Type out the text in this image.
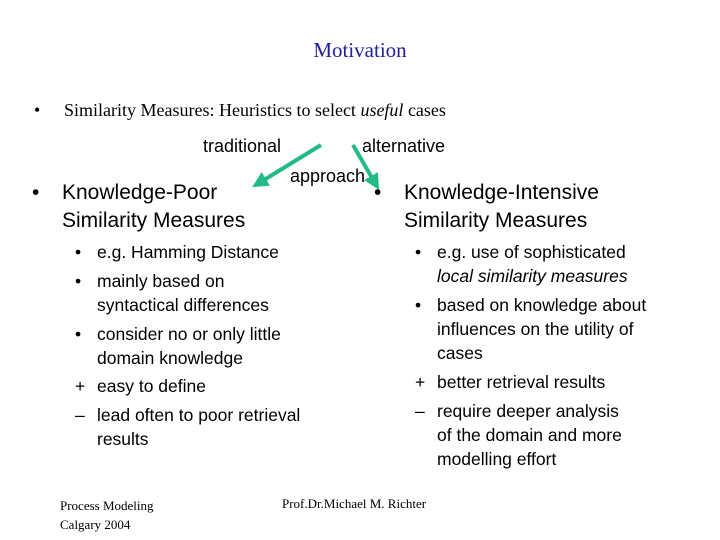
Motivation
• Similarity Measures: Heuristics to select useful cases
traditional	alternative
approach
• Knowledge-Poor
Similarity Measures
• Knowledge-Intensive
Similarity Measures
• e.g. Hamming Distance
• mainly based on
syntactical differences
• consider no or only little
domain knowledge
+ easy to define
– lead often to poor retrieval
results
• e.g. use of sophisticated
local similarity measures
• based on knowledge about
influences on the utility of
cases
+ better retrieval results
– require deeper analysis
of the domain and more
modelling effort
Process Modeling
Calgary 2004
Prof.Dr.Michael M. Richter
